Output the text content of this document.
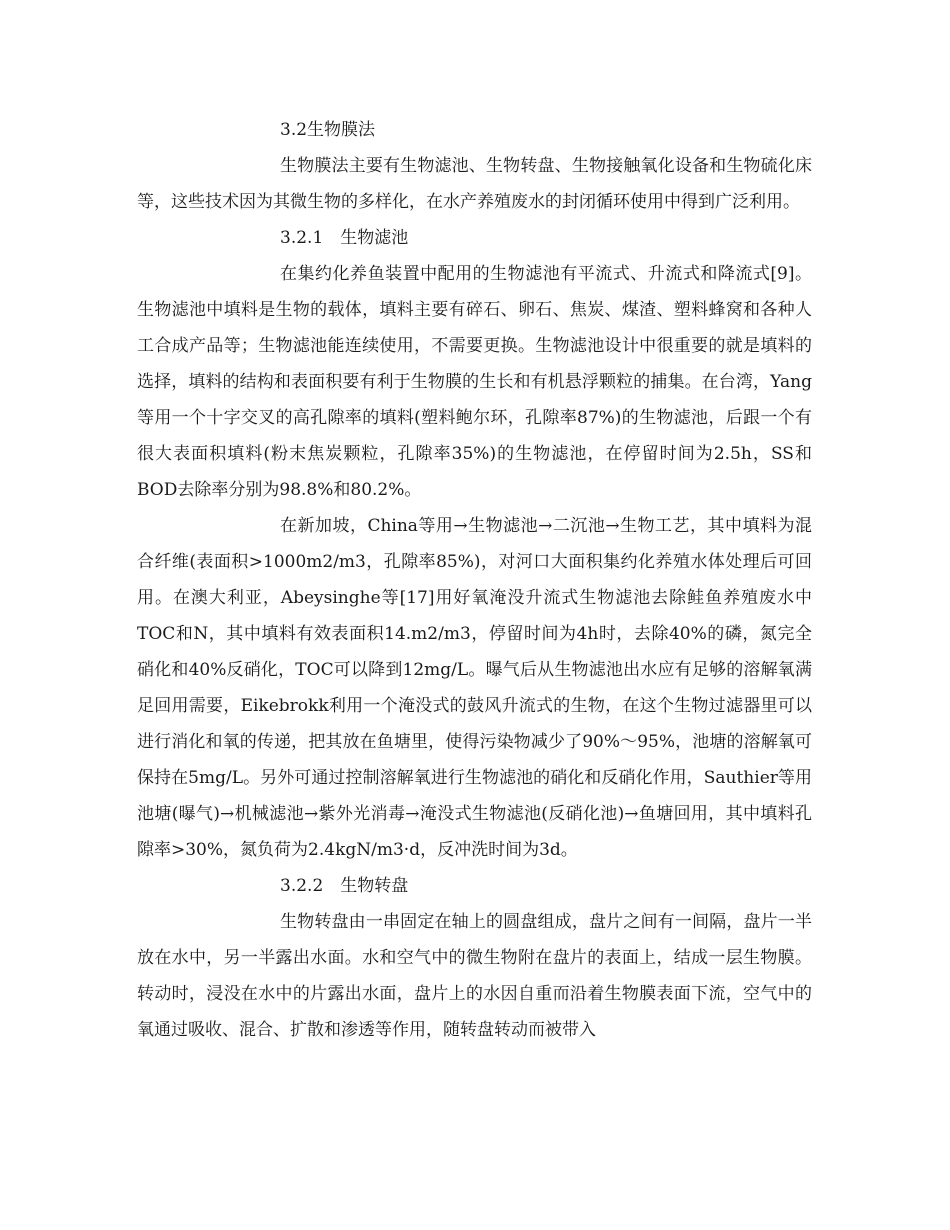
3.2生物膜法

生物膜法主要有生物滤池、生物转盘、生物接触氧化设备和生物硫化床等，这些技术因为其微生物的多样化，在水产养殖废水的封闭循环使用中得到广泛利用。

3.2.1　生物滤池

在集约化养鱼装置中配用的生物滤池有平流式、升流式和降流式[9]。生物滤池中填料是生物的载体，填料主要有碎石、卵石、焦炭、煤渣、塑料蜂窝和各种人工合成产品等；生物滤池能连续使用，不需要更换。生物滤池设计中很重要的就是填料的选择，填料的结构和表面积要有利于生物膜的生长和有机悬浮颗粒的捕集。在台湾，Yang等用一个十字交叉的高孔隙率的填料(塑料鲍尔环，孔隙率87%)的生物滤池，后跟一个有很大表面积填料(粉末焦炭颗粒，孔隙率35%)的生物滤池，在停留时间为2.5h，SS和BOD去除率分别为98.8%和80.2%。

在新加坡，China等用→生物滤池→二沉池→生物工艺，其中填料为混合纤维(表面积>1000m2/m3，孔隙率85%)，对河口大面积集约化养殖水体处理后可回用。在澳大利亚，Abeysinghe等[17]用好氧淹没升流式生物滤池去除鲑鱼养殖废水中TOC和N，其中填料有效表面积14.m2/m3，停留时间为4h时，去除40%的磷，氮完全硝化和40%反硝化，TOC可以降到12mg/L。曝气后从生物滤池出水应有足够的溶解氧满足回用需要，Eikebrokk利用一个淹没式的鼓风升流式的生物，在这个生物过滤器里可以进行消化和氧的传递，把其放在鱼塘里，使得污染物减少了90%～95%，池塘的溶解氧可保持在5mg/L。另外可通过控制溶解氧进行生物滤池的硝化和反硝化作用，Sauthier等用池塘(曝气)→机械滤池→紫外光消毒→淹没式生物滤池(反硝化池)→鱼塘回用，其中填料孔隙率>30%，氮负荷为2.4kgN/m3·d，反冲洗时间为3d。

3.2.2　生物转盘

生物转盘由一串固定在轴上的圆盘组成，盘片之间有一间隔，盘片一半放在水中，另一半露出水面。水和空气中的微生物附在盘片的表面上，结成一层生物膜。转动时，浸没在水中的片露出水面，盘片上的水因自重而沿着生物膜表面下流，空气中的氧通过吸收、混合、扩散和渗透等作用，随转盘转动而被带入
